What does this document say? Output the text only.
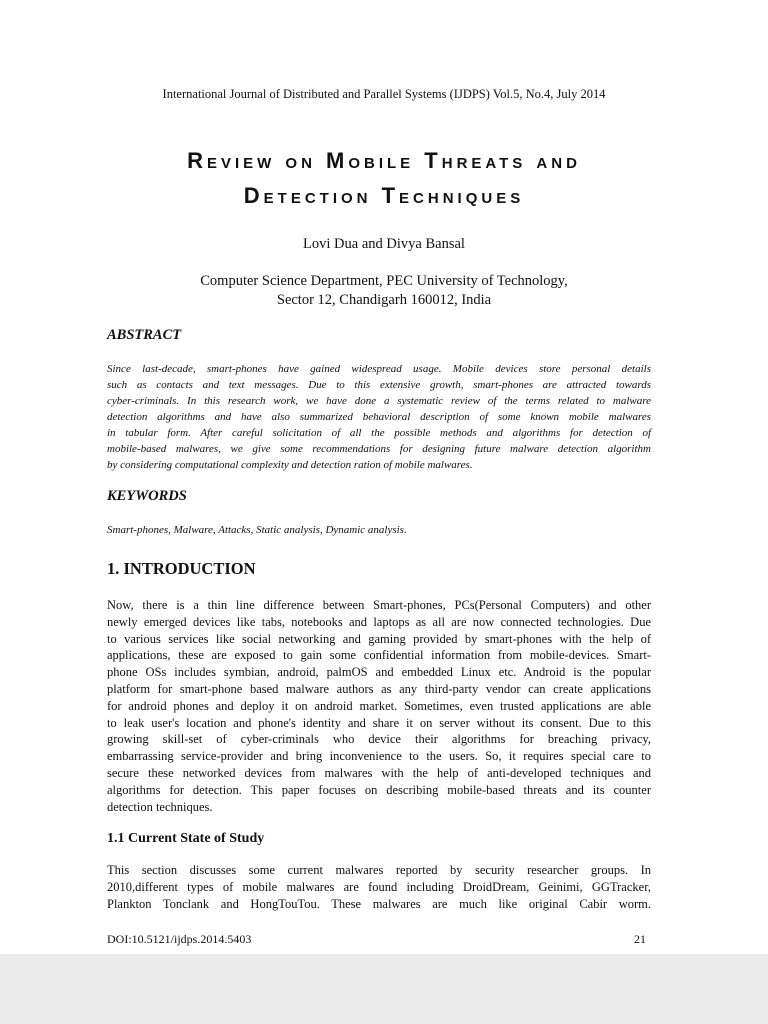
International Journal of Distributed and Parallel Systems (IJDPS) Vol.5, No.4, July 2014
Review on Mobile Threats and
Detection Techniques
Lovi Dua and Divya Bansal
Computer Science Department, PEC University of Technology,
Sector 12, Chandigarh 160012, India
ABSTRACT
Since last-decade, smart-phones have gained widespread usage. Mobile devices store personal details
such as contacts and text messages. Due to this extensive growth, smart-phones are attracted towards
cyber-criminals. In this research work, we have done a systematic review of the terms related to malware
detection algorithms and have also summarized behavioral description of some known mobile malwares
in tabular form. After careful solicitation of all the possible methods and algorithms for detection of
mobile-based malwares, we give some recommendations for designing future malware detection algorithm
by considering computational complexity and detection ration of mobile malwares.
KEYWORDS
Smart-phones, Malware, Attacks, Static analysis, Dynamic analysis.
1. INTRODUCTION
Now, there is a thin line difference between Smart-phones, PCs(Personal Computers) and other
newly emerged devices like tabs, notebooks and laptops as all are now connected technologies. Due
to various services like social networking and gaming provided by smart-phones with the help of
applications, these are exposed to gain some confidential information from mobile-devices. Smart-
phone OSs includes symbian, android, palmOS and embedded Linux etc. Android is the popular
platform for smart-phone based malware authors as any third-party vendor can create applications
for android phones and deploy it on android market. Sometimes, even trusted applications are able
to leak user's location and phone's identity and share it on server without its consent. Due to this
growing skill-set of cyber-criminals who device their algorithms for breaching privacy,
embarrassing service-provider and bring inconvenience to the users. So, it requires special care to
secure these networked devices from malwares with the help of anti-developed techniques and
algorithms for detection. This paper focuses on describing mobile-based threats and its counter
detection techniques.
1.1 Current State of Study
This section discusses some current malwares reported by security researcher groups. In
2010,different types of mobile malwares are found including DroidDream, Geinimi, GGTracker,
Plankton Tonclank and HongTouTou. These malwares are much like original Cabir worm.
DOI:10.5121/ijdps.2014.5403	21
